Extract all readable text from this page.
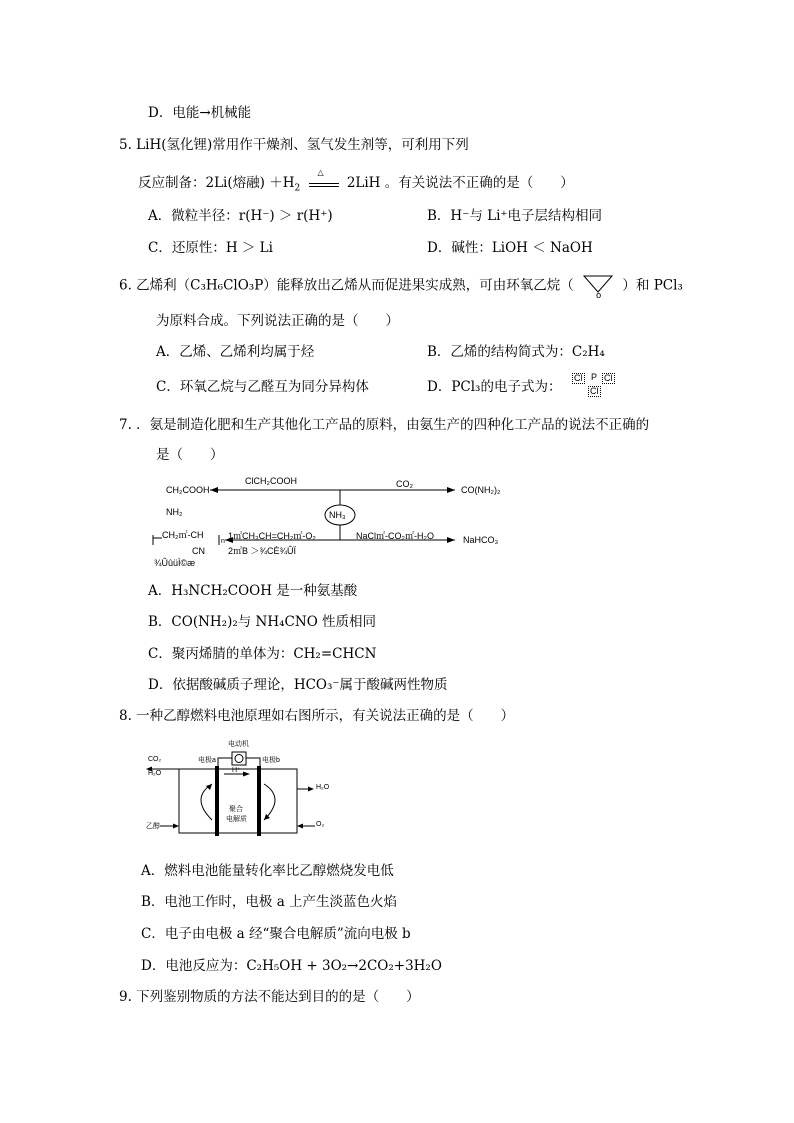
D．电能→机械能
5. LiH(氢化锂)常用作干燥剂、氢气发生剂等，可利用下列
反应制备：2Li(熔融) $+H_2$
△
2LiH 。有关说法不正确的是（　　）
A．微粒半径：r(H⁻) ＞ r(H⁺)	B．H⁻与 Li⁺电子层结构相同
C．还原性：H ＞ Li	D．碱性：LiOH ＜ NaOH
6. 乙烯利（C₃H₆ClO₃P）能释放出乙烯从而促进果实成熟，可由环氧乙烷（
o
）和 PCl₃
为原料合成。下列说法正确的是（　　）
A．乙烯、乙烯利均属于烃	B．乙烯的结构简式为：C₂H₄
C．环氧乙烷与乙醛互为同分异构体	D．PCl₃的电子式为：
Cl P Cl
Cl
7. ．氨是制造化肥和生产其他化工产品的原料，由氨生产的四种化工产品的说法不正确的
是（　　）
NH₃
ClCH₂COOH
CH₂COOH
NH₂
CO₂
CO(NH₂)₂
1㎡CH₃CH=CH₂㎡-O₂
2㎡B ＞¾CÈ¾ÛÏ
CH₂㎡-CH
n
CN
¾ÛûüÌ©æ
NaCl㎡-CO₂㎡-H₂O	NaHCO₃
A．H₃NCH₂COOH 是一种氨基酸
B．CO(NH₂)₂与 NH₄CNO 性质相同
C．聚丙烯腈的单体为：CH₂=CHCN
D．依据酸碱质子理论，HCO₃⁻属于酸碱两性物质
8. 一种乙醇燃料电池原理如右图所示，有关说法正确的是（　　）
电动机
电极a	电极b
H⁺
CO₂
H₂O
H₂O
乙醇	O₂
聚合
电解质
A．燃料电池能量转化率比乙醇燃烧发电低
B．电池工作时，电极 a 上产生淡蓝色火焰
C．电子由电极 a 经“聚合电解质”流向电极 b
D．电池反应为：C₂H₅OH + 3O₂→2CO₂+3H₂O
9. 下列鉴别物质的方法不能达到目的的是（　　）
